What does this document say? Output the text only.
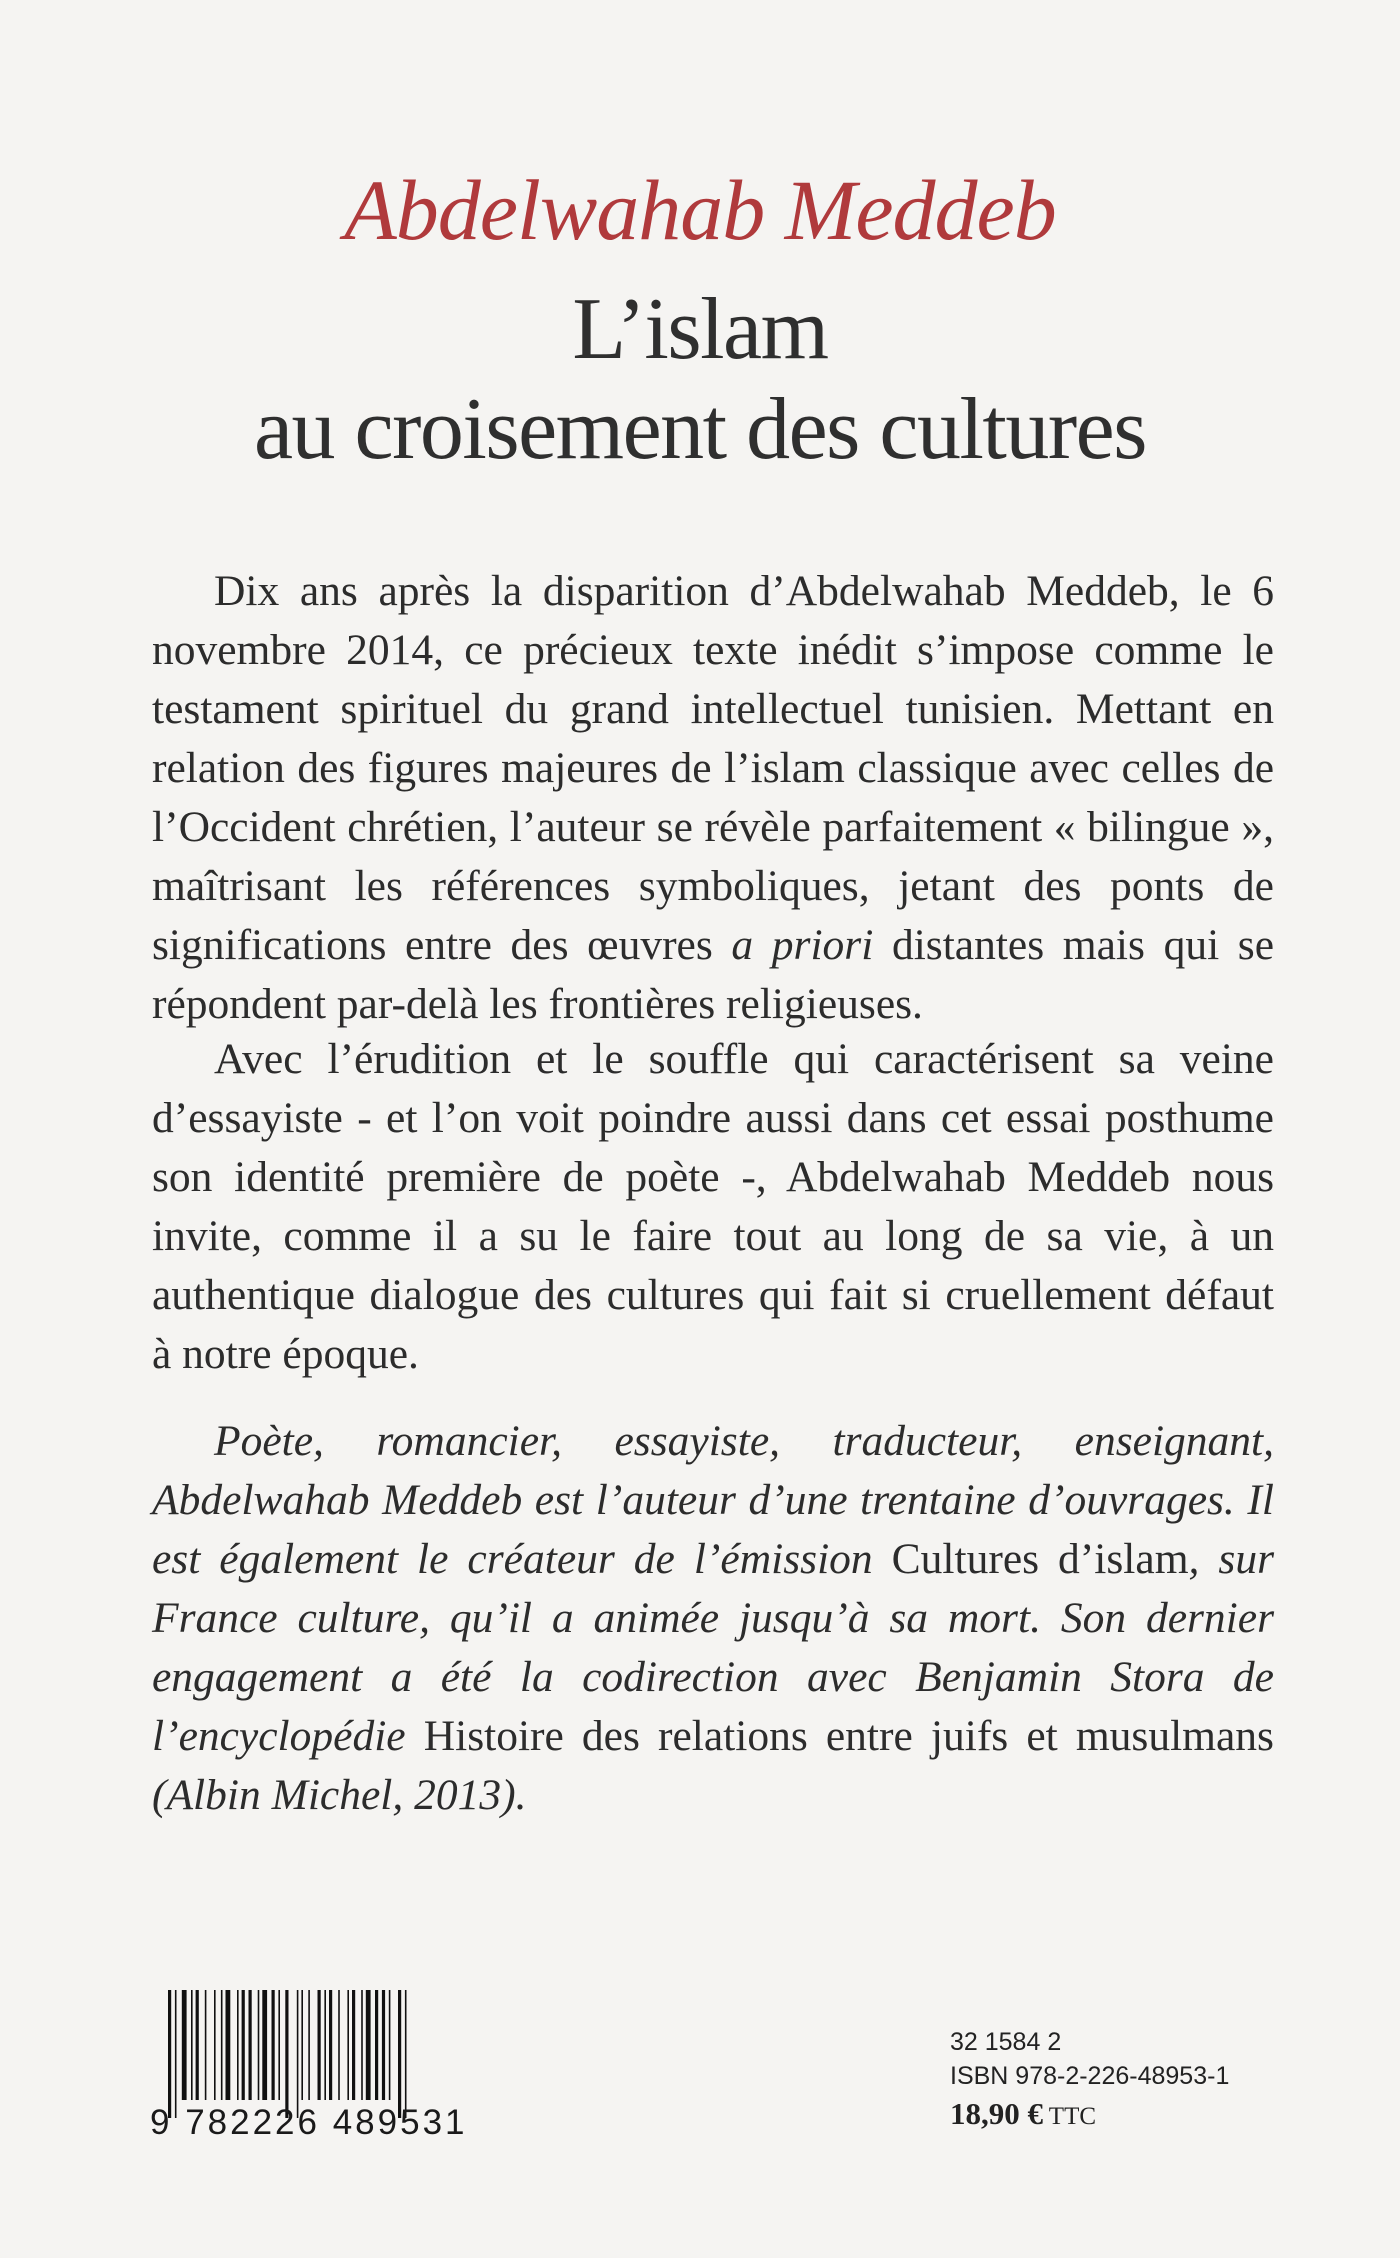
Abdelwahab Meddeb
L’islam
au croisement des cultures

Dix ans après la disparition d’Abdelwahab Meddeb, le 6 novembre 2014, ce précieux texte inédit s’impose comme le testament spirituel du grand intellectuel tunisien. Mettant en relation des figures majeures de l’islam classique avec celles de l’Occident chrétien, l’auteur se révèle parfaitement « bilingue », maîtrisant les références symboliques, jetant des ponts de significations entre des œuvres a priori distantes mais qui se répondent par-delà les frontières religieuses.

Avec l’érudition et le souffle qui caractérisent sa veine d’essayiste - et l’on voit poindre aussi dans cet essai posthume son identité première de poète -, Abdelwahab Meddeb nous invite, comme il a su le faire tout au long de sa vie, à un authentique dialogue des cultures qui fait si cruellement défaut à notre époque.

Poète, romancier, essayiste, traducteur, enseignant, Abdelwahab Meddeb est l’auteur d’une trentaine d’ouvrages. Il est également le créateur de l’émission Cultures d’islam, sur France culture, qu’il a animée jusqu’à sa mort. Son dernier engagement a été la codirection avec Benjamin Stora de l’encyclopédie Histoire des relations entre juifs et musulmans (Albin Michel, 2013).

9 782226 489531
32 1584 2
ISBN 978-2-226-48953-1
18,90 € TTC
